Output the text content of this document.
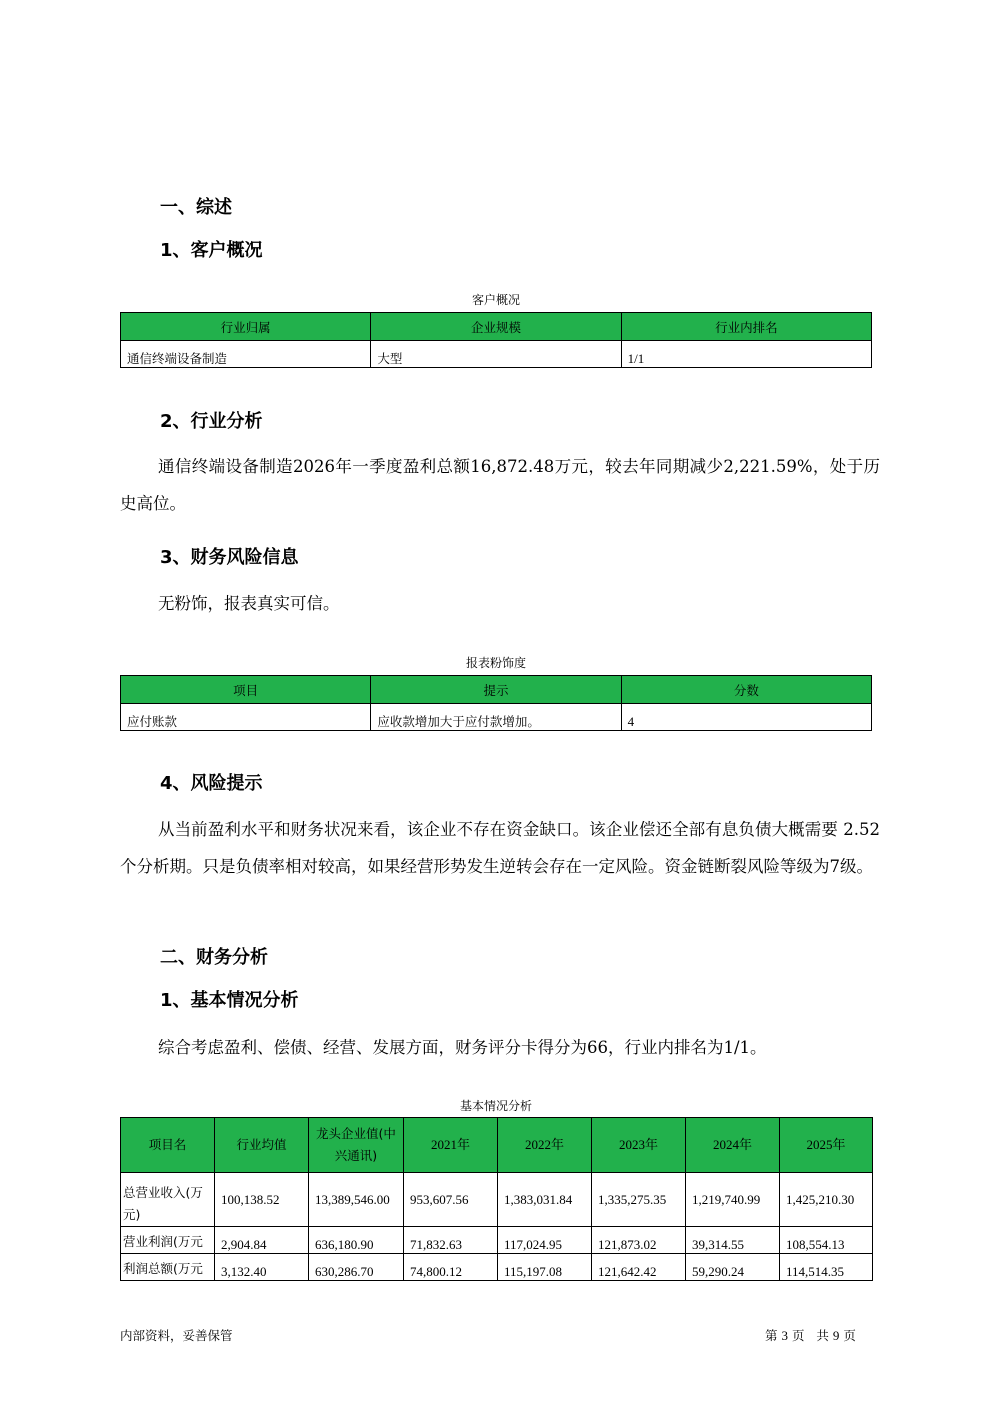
一、综述
1、客户概况
客户概况
行业归属	企业规模	行业内排名
通信终端设备制造	大型	1/1
2、行业分析

通信终端设备制造2026年一季度盈利总额16,872.48万元，较去年同期减少2,221.59%，处于历史高位。

3、财务风险信息

无粉饰，报表真实可信。

报表粉饰度
项目	提示	分数
应付账款	应收款增加大于应付款增加。	4
4、风险提示

从当前盈利水平和财务状况来看，该企业不存在资金缺口。该企业偿还全部有息负债大概需要 2.52个分析期。只是负债率相对较高，如果经营形势发生逆转会存在一定风险。资金链断裂风险等级为7级。

二、财务分析
1、基本情况分析

综合考虑盈利、偿债、经营、发展方面，财务评分卡得分为66，行业内排名为1/1。

基本情况分析
项目名	行业均值	龙头企业值(中兴通讯)	2021年	2022年	2023年	2024年	2025年
总营业收入(万元)	100,138.52	13,389,546.00	953,607.56	1,383,031.84	1,335,275.35	1,219,740.99	1,425,210.30
营业利润(万元	2,904.84	636,180.90	71,832.63	117,024.95	121,873.02	39,314.55	108,554.13
利润总额(万元	3,132.40	630,286.70	74,800.12	115,197.08	121,642.42	59,290.24	114,514.35
内部资料，妥善保管	第 3 页 共 9 页
